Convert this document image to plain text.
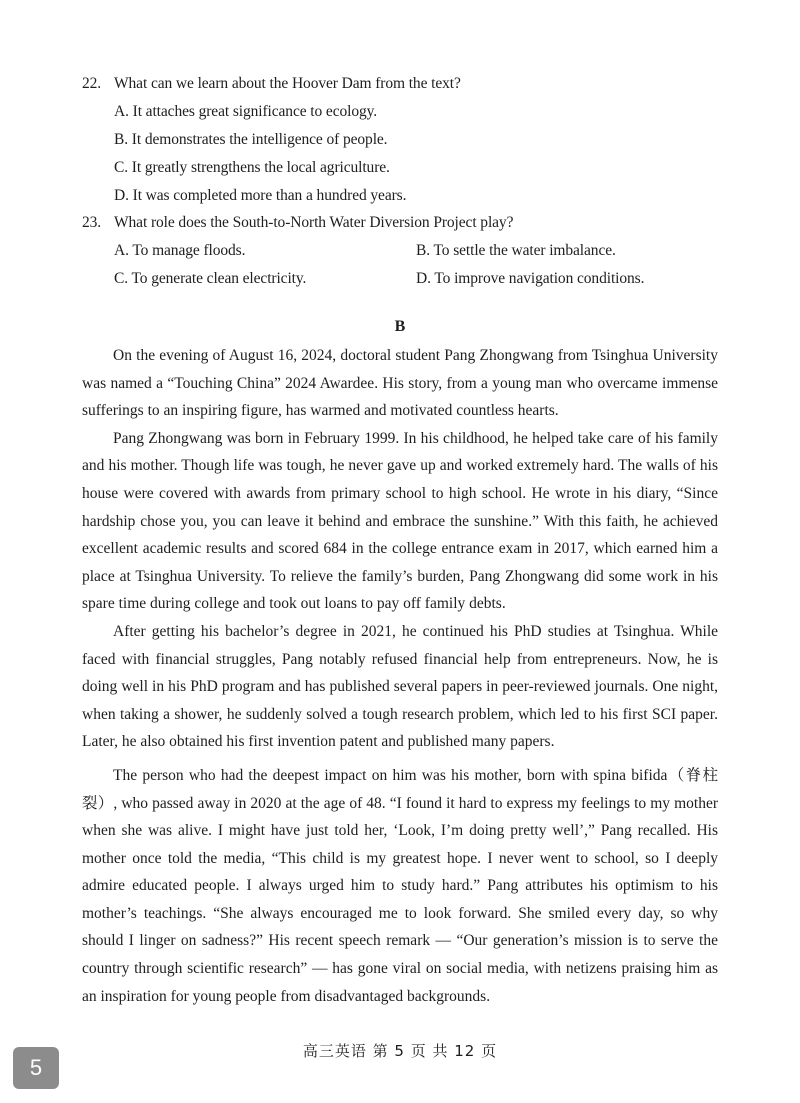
22. What can we learn about the Hoover Dam from the text?
A. It attaches great significance to ecology.
B. It demonstrates the intelligence of people.
C. It greatly strengthens the local agriculture.
D. It was completed more than a hundred years.
23. What role does the South-to-North Water Diversion Project play?
A. To manage floods.	B. To settle the water imbalance.
C. To generate clean electricity.	D. To improve navigation conditions.
B

On the evening of August 16, 2024, doctoral student Pang Zhongwang from Tsinghua University was named a “Touching China” 2024 Awardee. His story, from a young man who overcame immense sufferings to an inspiring figure, has warmed and motivated countless hearts.

Pang Zhongwang was born in February 1999. In his childhood, he helped take care of his family and his mother. Though life was tough, he never gave up and worked extremely hard. The walls of his house were covered with awards from primary school to high school. He wrote in his diary, “Since hardship chose you, you can leave it behind and embrace the sunshine.” With this faith, he achieved excellent academic results and scored 684 in the college entrance exam in 2017, which earned him a place at Tsinghua University. To relieve the family’s burden, Pang Zhongwang did some work in his spare time during college and took out loans to pay off family debts.

After getting his bachelor’s degree in 2021, he continued his PhD studies at Tsinghua. While faced with financial struggles, Pang notably refused financial help from entrepreneurs. Now, he is doing well in his PhD program and has published several papers in peer-reviewed journals. One night, when taking a shower, he suddenly solved a tough research problem, which led to his first SCI paper. Later, he also obtained his first invention patent and published many papers.

The person who had the deepest impact on him was his mother, born with spina bifida（脊柱裂）, who passed away in 2020 at the age of 48. “I found it hard to express my feelings to my mother when she was alive. I might have just told her, ‘Look, I’m doing pretty well’,” Pang recalled. His mother once told the media, “This child is my greatest hope. I never went to school, so I deeply admire educated people. I always urged him to study hard.” Pang attributes his optimism to his mother’s teachings. “She always encouraged me to look forward. She smiled every day, so why should I linger on sadness?” His recent speech remark — “Our generation’s mission is to serve the country through scientific research” — has gone viral on social media, with netizens praising him as an inspiration for young people from disadvantaged backgrounds.

高三英语 第 5 页 共 12 页
5
